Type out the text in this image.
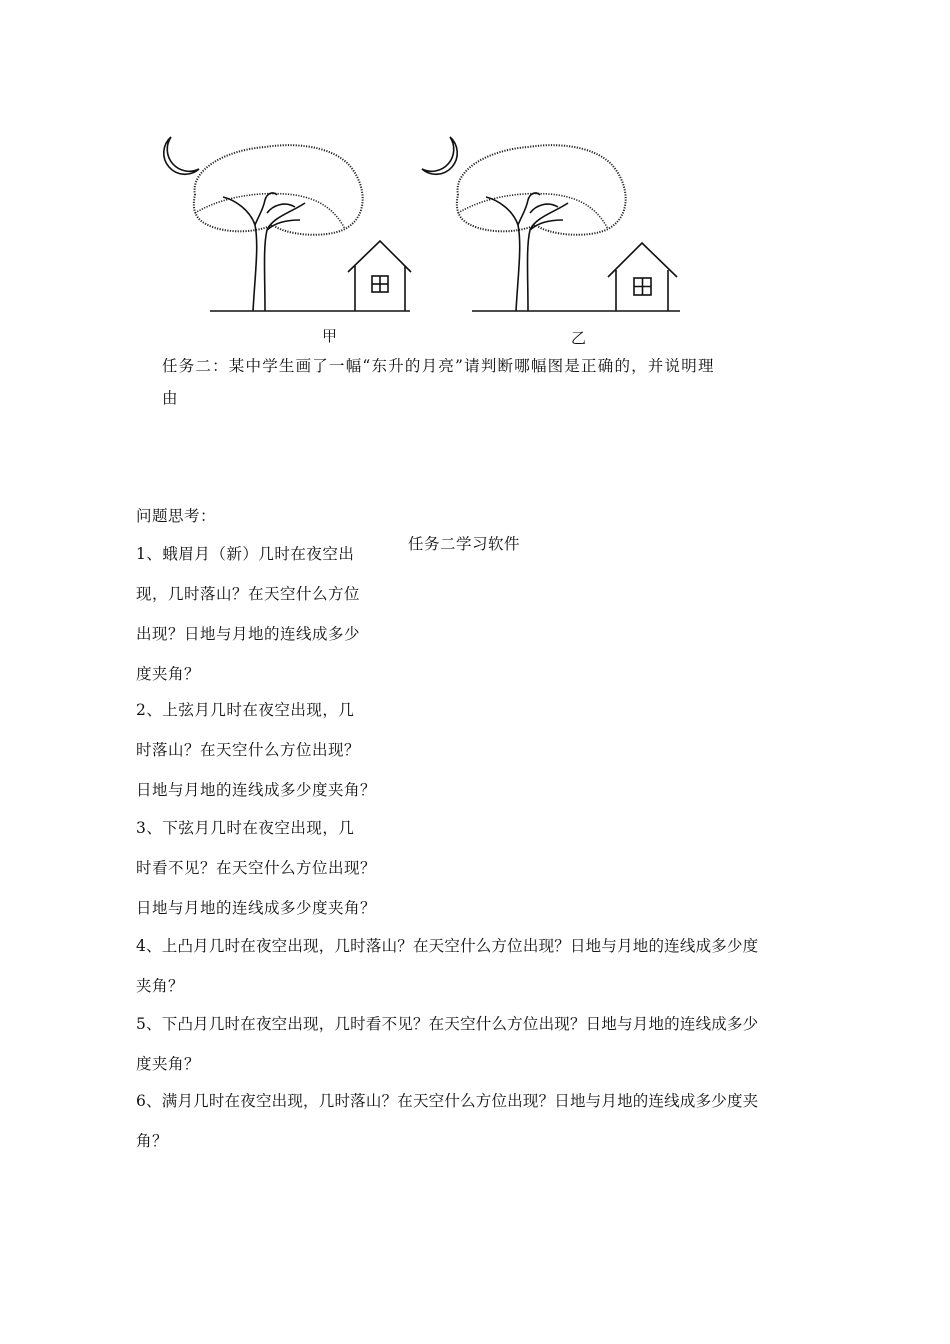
甲	乙
任务二：某中学生画了一幅“东升的月亮”请判断哪幅图是正确的，并说明理
由
问题思考：
任务二学习软件
1、蛾眉月（新）几时在夜空出
现，几时落山？在天空什么方位
出现？日地与月地的连线成多少
度夹角？
2、上弦月几时在夜空出现，几
时落山？在天空什么方位出现？
日地与月地的连线成多少度夹角？
3、下弦月几时在夜空出现，几
时看不见？在天空什么方位出现？
日地与月地的连线成多少度夹角？
4、上凸月几时在夜空出现，几时落山？在天空什么方位出现？日地与月地的连线成多少度
夹角？
5、下凸月几时在夜空出现，几时看不见？在天空什么方位出现？日地与月地的连线成多少
度夹角？
6、满月几时在夜空出现，几时落山？在天空什么方位出现？日地与月地的连线成多少度夹
角？
